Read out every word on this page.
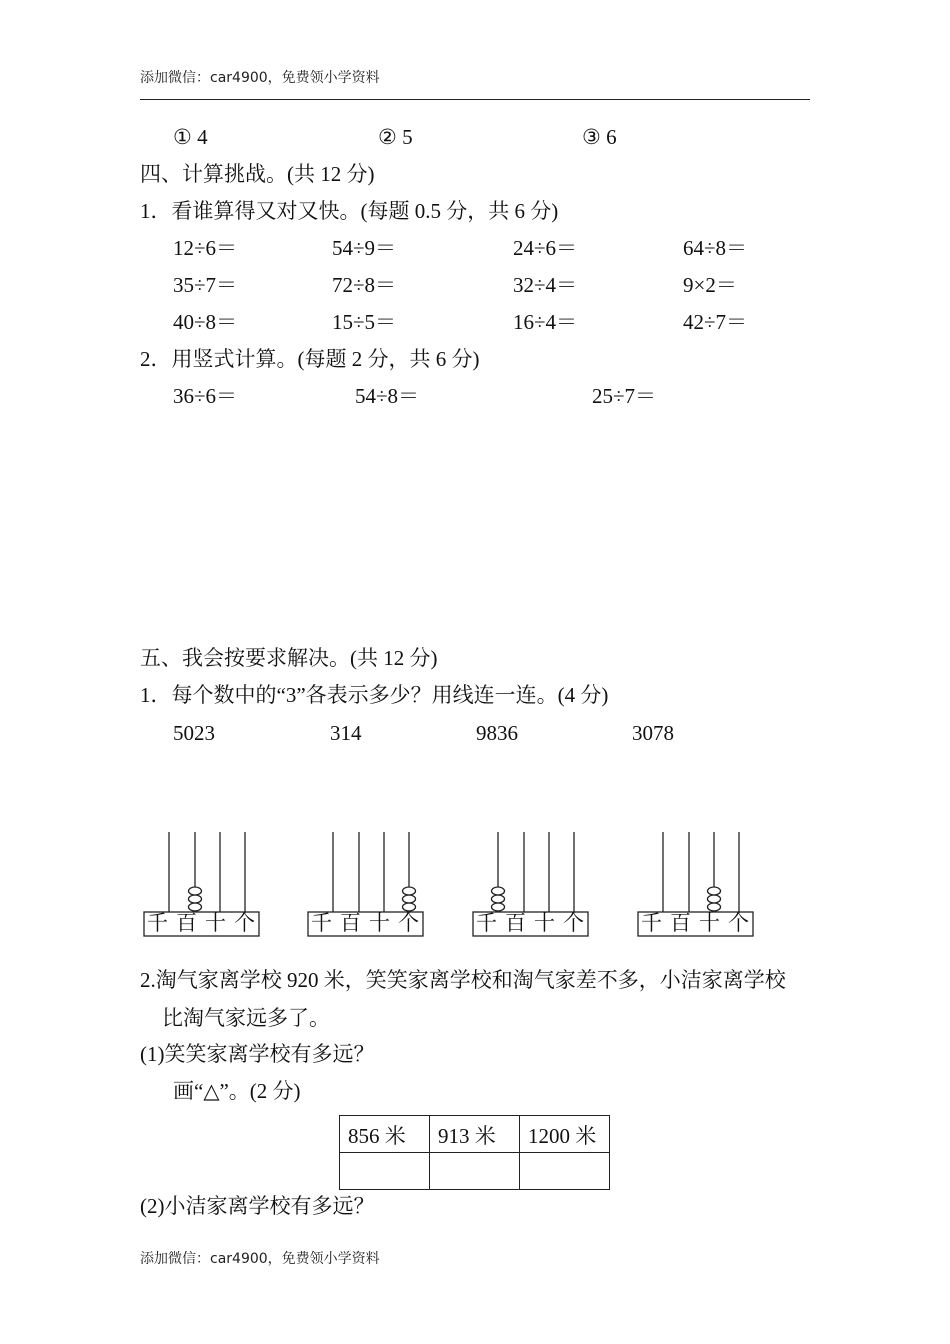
添加微信：car4900，免费领小学资料
① 4	② 5	③ 6
四、计算挑战。(共 12 分)
1．看谁算得又对又快。(每题 0.5 分，共 6 分)
12÷6＝	54÷9＝	24÷6＝	64÷8＝
35÷7＝	72÷8＝	32÷4＝	9×2＝
40÷8＝	15÷5＝	16÷4＝	42÷7＝
2．用竖式计算。(每题 2 分，共 6 分)
36÷6＝	54÷8＝	25÷7＝
五、我会按要求解决。(共 12 分)
1．每个数中的“3”各表示多少？用线连一连。(4 分)
5023	314	9836	3078
千 百 十 个	千 百 十 个	千 百 十 个	千 百 十 个
2.淘气家离学校 920 米，笑笑家离学校和淘气家差不多，小洁家离学校
比淘气家远多了。
(1)笑笑家离学校有多远？
画“△”。(2 分)
856 米	913 米	1200 米

(2)小洁家离学校有多远？
添加微信：car4900，免费领小学资料
